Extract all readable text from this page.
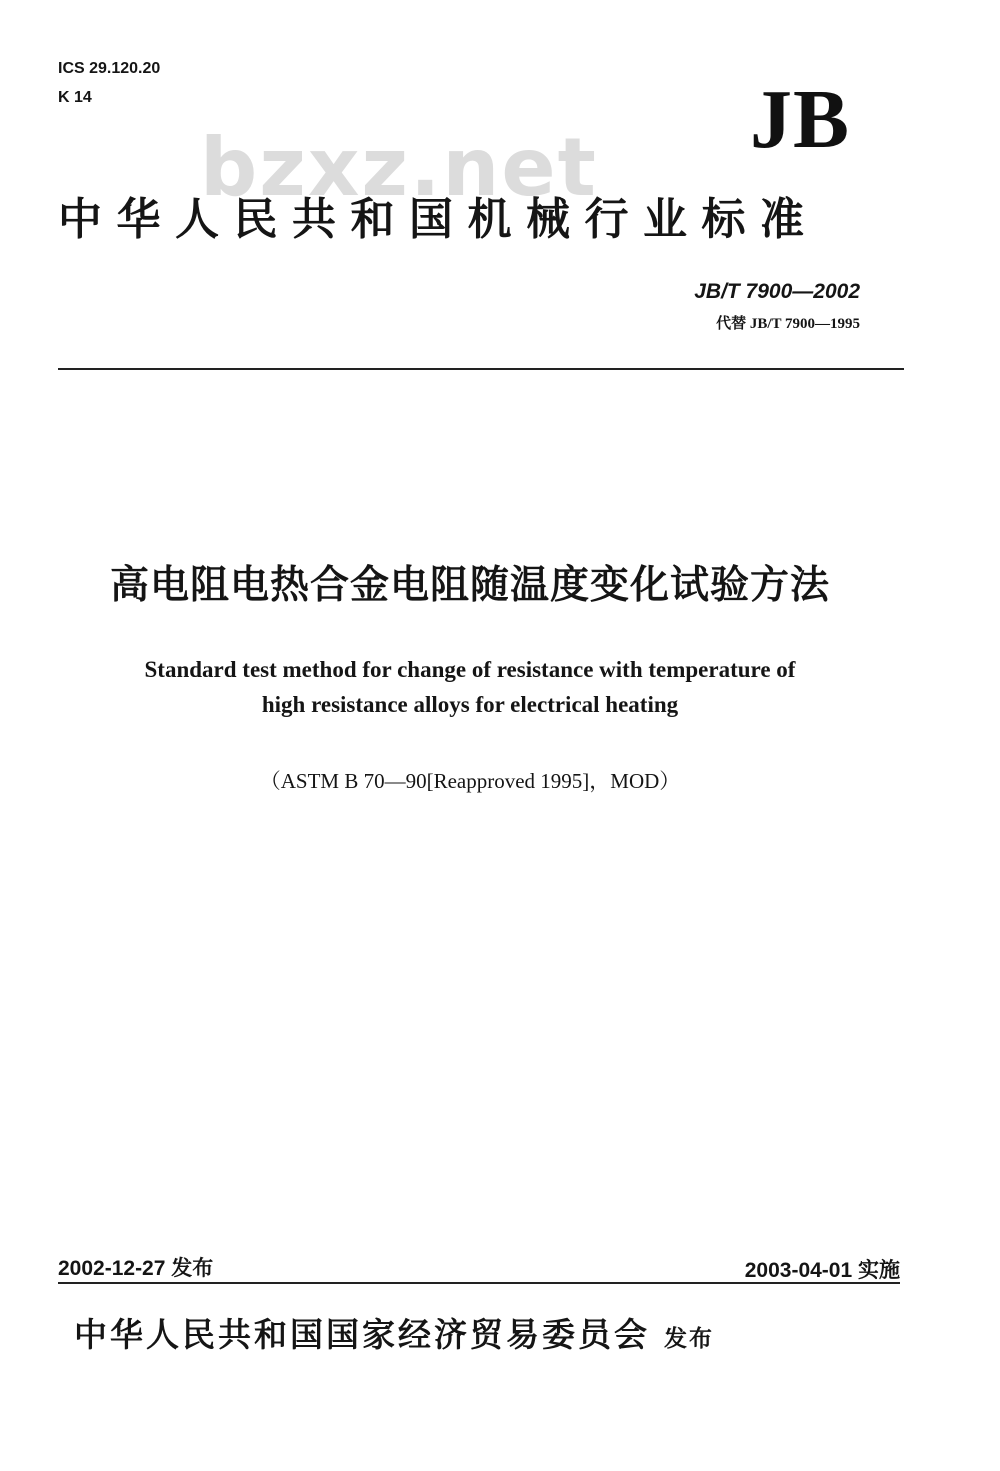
ICS 29.120.20
K 14	JB
bzxz.net
中华人民共和国机械行业标准
JB/T 7900—2002
代替 JB/T 7900—1995
高电阻电热合金电阻随温度变化试验方法
Standard test method for change of resistance with temperature of
high resistance alloys for electrical heating
（ASTM B 70—90[Reapproved 1995]，MOD）
2002-12-27 发布	2003-04-01 实施
中华人民共和国国家经济贸易委员会 发布
